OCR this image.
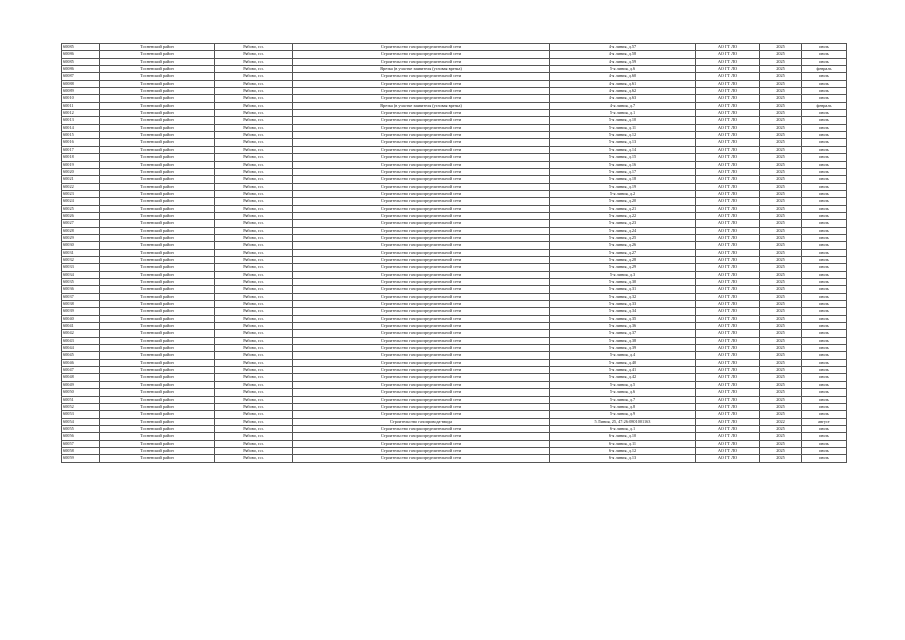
60085	Тосненский район	Рябово, г.п.	Строительство газораспределительной сети	4-я линия, д.57	АО ГТ ЛО	2025	июль
60086	Тосненский район	Рябово, г.п.	Строительство газораспределительной сети	4-я линия, д.58	АО ГТ ЛО	2025	июль
60085	Тосненский район	Рябово, г.п.	Строительство газораспределительной сети	4-я линия, д.59	АО ГТ ЛО	2025	июль
60086	Тосненский район	Рябово, г.п.	Врезка (в участке заявителя (угловая врезка)	5-я линия, д.6	АО ГТ ЛО	2025	февраль
60087	Тосненский район	Рябово, г.п.	Строительство газораспределительной сети	4-я линия, д.60	АО ГТ ЛО	2025	июль
60088	Тосненский район	Рябово, г.п.	Строительство газораспределительной сети	4-я линия, д.61	АО ГТ ЛО	2025	июль
60089	Тосненский район	Рябово, г.п.	Строительство газораспределительной сети	4-я линия, д.62	АО ГТ ЛО	2025	июль
60010	Тосненский район	Рябово, г.п.	Строительство газораспределительной сети	4-я линия, д.63	АО ГТ ЛО	2025	июль
60011	Тосненский район	Рябово, г.п.	Врезка (в участке заявителя (угловая врезка)	4-я линия, д.7	АО ГТ ЛО	2025	февраль
60012	Тосненский район	Рябово, г.п.	Строительство газораспределительной сети	5-я линия, д.1	АО ГТ ЛО	2025	июль
60013	Тосненский район	Рябово, г.п.	Строительство газораспределительной сети	5-я линия, д.10	АО ГТ ЛО	2025	июль
60014	Тосненский район	Рябово, г.п.	Строительство газораспределительной сети	5-я линия, д.11	АО ГТ ЛО	2025	июль
60015	Тосненский район	Рябово, г.п.	Строительство газораспределительной сети	5-я линия, д.12	АО ГТ ЛО	2025	июль
60016	Тосненский район	Рябово, г.п.	Строительство газораспределительной сети	5-я линия, д.13	АО ГТ ЛО	2025	июль
60017	Тосненский район	Рябово, г.п.	Строительство газораспределительной сети	5-я линия, д.14	АО ГТ ЛО	2025	июль
60018	Тосненский район	Рябово, г.п.	Строительство газораспределительной сети	5-я линия, д.15	АО ГТ ЛО	2025	июль
60019	Тосненский район	Рябово, г.п.	Строительство газораспределительной сети	5-я линия, д.16	АО ГТ ЛО	2025	июль
60020	Тосненский район	Рябово, г.п.	Строительство газораспределительной сети	5-я линия, д.17	АО ГТ ЛО	2025	июль
60021	Тосненский район	Рябово, г.п.	Строительство газораспределительной сети	5-я линия, д.18	АО ГТ ЛО	2025	июль
60022	Тосненский район	Рябово, г.п.	Строительство газораспределительной сети	5-я линия, д.19	АО ГТ ЛО	2025	июль
60023	Тосненский район	Рябово, г.п.	Строительство газораспределительной сети	5-я линия, д.2	АО ГТ ЛО	2025	июль
60024	Тосненский район	Рябово, г.п.	Строительство газораспределительной сети	5-я линия, д.20	АО ГТ ЛО	2025	июль
60025	Тосненский район	Рябово, г.п.	Строительство газораспределительной сети	5-я линия, д.21	АО ГТ ЛО	2025	июль
60026	Тосненский район	Рябово, г.п.	Строительство газораспределительной сети	5-я линия, д.22	АО ГТ ЛО	2025	июль
60027	Тосненский район	Рябово, г.п.	Строительство газораспределительной сети	5-я линия, д.23	АО ГТ ЛО	2025	июль
60028	Тосненский район	Рябово, г.п.	Строительство газораспределительной сети	5-я линия, д.24	АО ГТ ЛО	2025	июль
60029	Тосненский район	Рябово, г.п.	Строительство газораспределительной сети	5-я линия, д.25	АО ГТ ЛО	2025	июль
60030	Тосненский район	Рябово, г.п.	Строительство газораспределительной сети	5-я линия, д.26	АО ГТ ЛО	2025	июль
60031	Тосненский район	Рябово, г.п.	Строительство газораспределительной сети	5-я линия, д.27	АО ГТ ЛО	2025	июль
60032	Тосненский район	Рябово, г.п.	Строительство газораспределительной сети	5-я линия, д.28	АО ГТ ЛО	2025	июль
60033	Тосненский район	Рябово, г.п.	Строительство газораспределительной сети	5-я линия, д.29	АО ГТ ЛО	2025	июль
60034	Тосненский район	Рябово, г.п.	Строительство газораспределительной сети	5-я линия, д.3	АО ГТ ЛО	2025	июль
60035	Тосненский район	Рябово, г.п.	Строительство газораспределительной сети	5-я линия, д.30	АО ГТ ЛО	2025	июль
60036	Тосненский район	Рябово, г.п.	Строительство газораспределительной сети	5-я линия, д.31	АО ГТ ЛО	2025	июль
60037	Тосненский район	Рябово, г.п.	Строительство газораспределительной сети	5-я линия, д.32	АО ГТ ЛО	2025	июль
60038	Тосненский район	Рябово, г.п.	Строительство газораспределительной сети	5-я линия, д.33	АО ГТ ЛО	2025	июль
60039	Тосненский район	Рябово, г.п.	Строительство газораспределительной сети	5-я линия, д.34	АО ГТ ЛО	2025	июль
60040	Тосненский район	Рябово, г.п.	Строительство газораспределительной сети	5-я линия, д.35	АО ГТ ЛО	2025	июль
60041	Тосненский район	Рябово, г.п.	Строительство газораспределительной сети	5-я линия, д.36	АО ГТ ЛО	2025	июль
60042	Тосненский район	Рябово, г.п.	Строительство газораспределительной сети	5-я линия, д.37	АО ГТ ЛО	2025	июль
60043	Тосненский район	Рябово, г.п.	Строительство газораспределительной сети	5-я линия, д.38	АО ГТ ЛО	2025	июль
60044	Тосненский район	Рябово, г.п.	Строительство газораспределительной сети	5-я линия, д.39	АО ГТ ЛО	2025	июль
60045	Тосненский район	Рябово, г.п.	Строительство газораспределительной сети	5-я линия, д.4	АО ГТ ЛО	2025	июль
60046	Тосненский район	Рябово, г.п.	Строительство газораспределительной сети	5-я линия, д.40	АО ГТ ЛО	2025	июль
60047	Тосненский район	Рябово, г.п.	Строительство газораспределительной сети	5-я линия, д.41	АО ГТ ЛО	2025	июль
60048	Тосненский район	Рябово, г.п.	Строительство газораспределительной сети	5-я линия, д.42	АО ГТ ЛО	2025	июль
60049	Тосненский район	Рябово, г.п.	Строительство газораспределительной сети	5-я линия, д.5	АО ГТ ЛО	2025	июль
60050	Тосненский район	Рябово, г.п.	Строительство газораспределительной сети	5-я линия, д.6	АО ГТ ЛО	2025	июль
60051	Тосненский район	Рябово, г.п.	Строительство газораспределительной сети	5-я линия, д.7	АО ГТ ЛО	2025	июль
60052	Тосненский район	Рябово, г.п.	Строительство газораспределительной сети	5-я линия, д.8	АО ГТ ЛО	2025	июль
60053	Тосненский район	Рябово, г.п.	Строительство газораспределительной сети	5-я линия, д.9	АО ГТ ЛО	2025	июль
60054	Тосненский район	Рябово, г.п.	Строительство газопровода-ввода	5 Линия, 25, 47:26:0801001163	АО ГТ ЛО	2022	август
60055	Тосненский район	Рябово, г.п.	Строительство газораспределительной сети	6-я линия, д.1	АО ГТ ЛО	2025	июль
60056	Тосненский район	Рябово, г.п.	Строительство газораспределительной сети	6-я линия, д.10	АО ГТ ЛО	2025	июль
60057	Тосненский район	Рябово, г.п.	Строительство газораспределительной сети	6-я линия, д.11	АО ГТ ЛО	2025	июль
60058	Тосненский район	Рябово, г.п.	Строительство газораспределительной сети	6-я линия, д.12	АО ГТ ЛО	2025	июль
60059	Тосненский район	Рябово, г.п.	Строительство газораспределительной сети	6-я линия, д.13	АО ГТ ЛО	2025	июль
